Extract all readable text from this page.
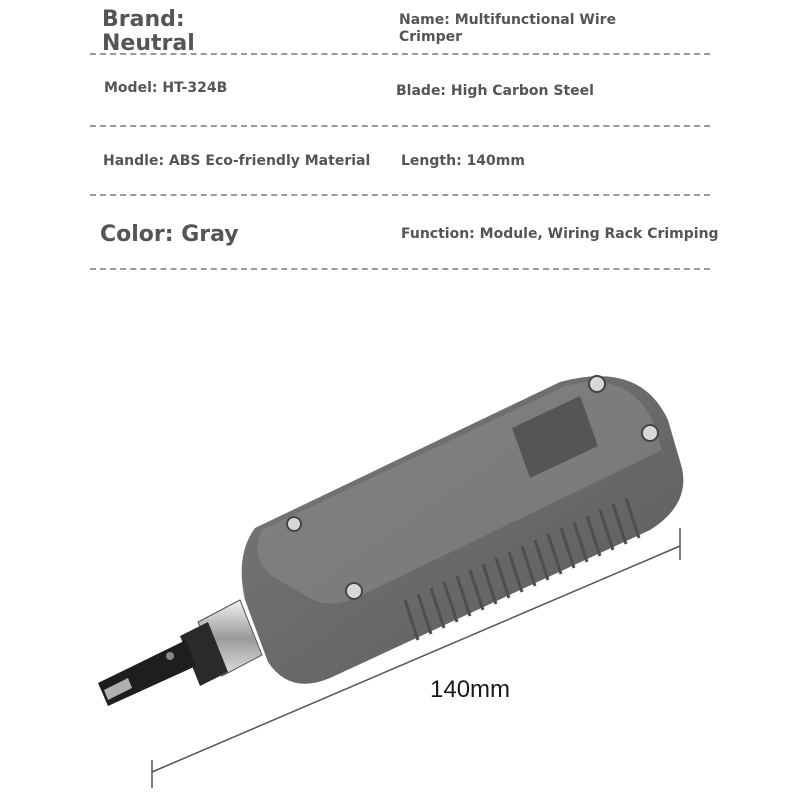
Brand:
Neutral
Name: Multifunctional Wire
Crimper
Model: HT-324B	Blade: High Carbon Steel
Handle: ABS Eco-friendly Material Length: 140mm
Color: Gray	Function: Module, Wiring Rack Crimping
140mm
